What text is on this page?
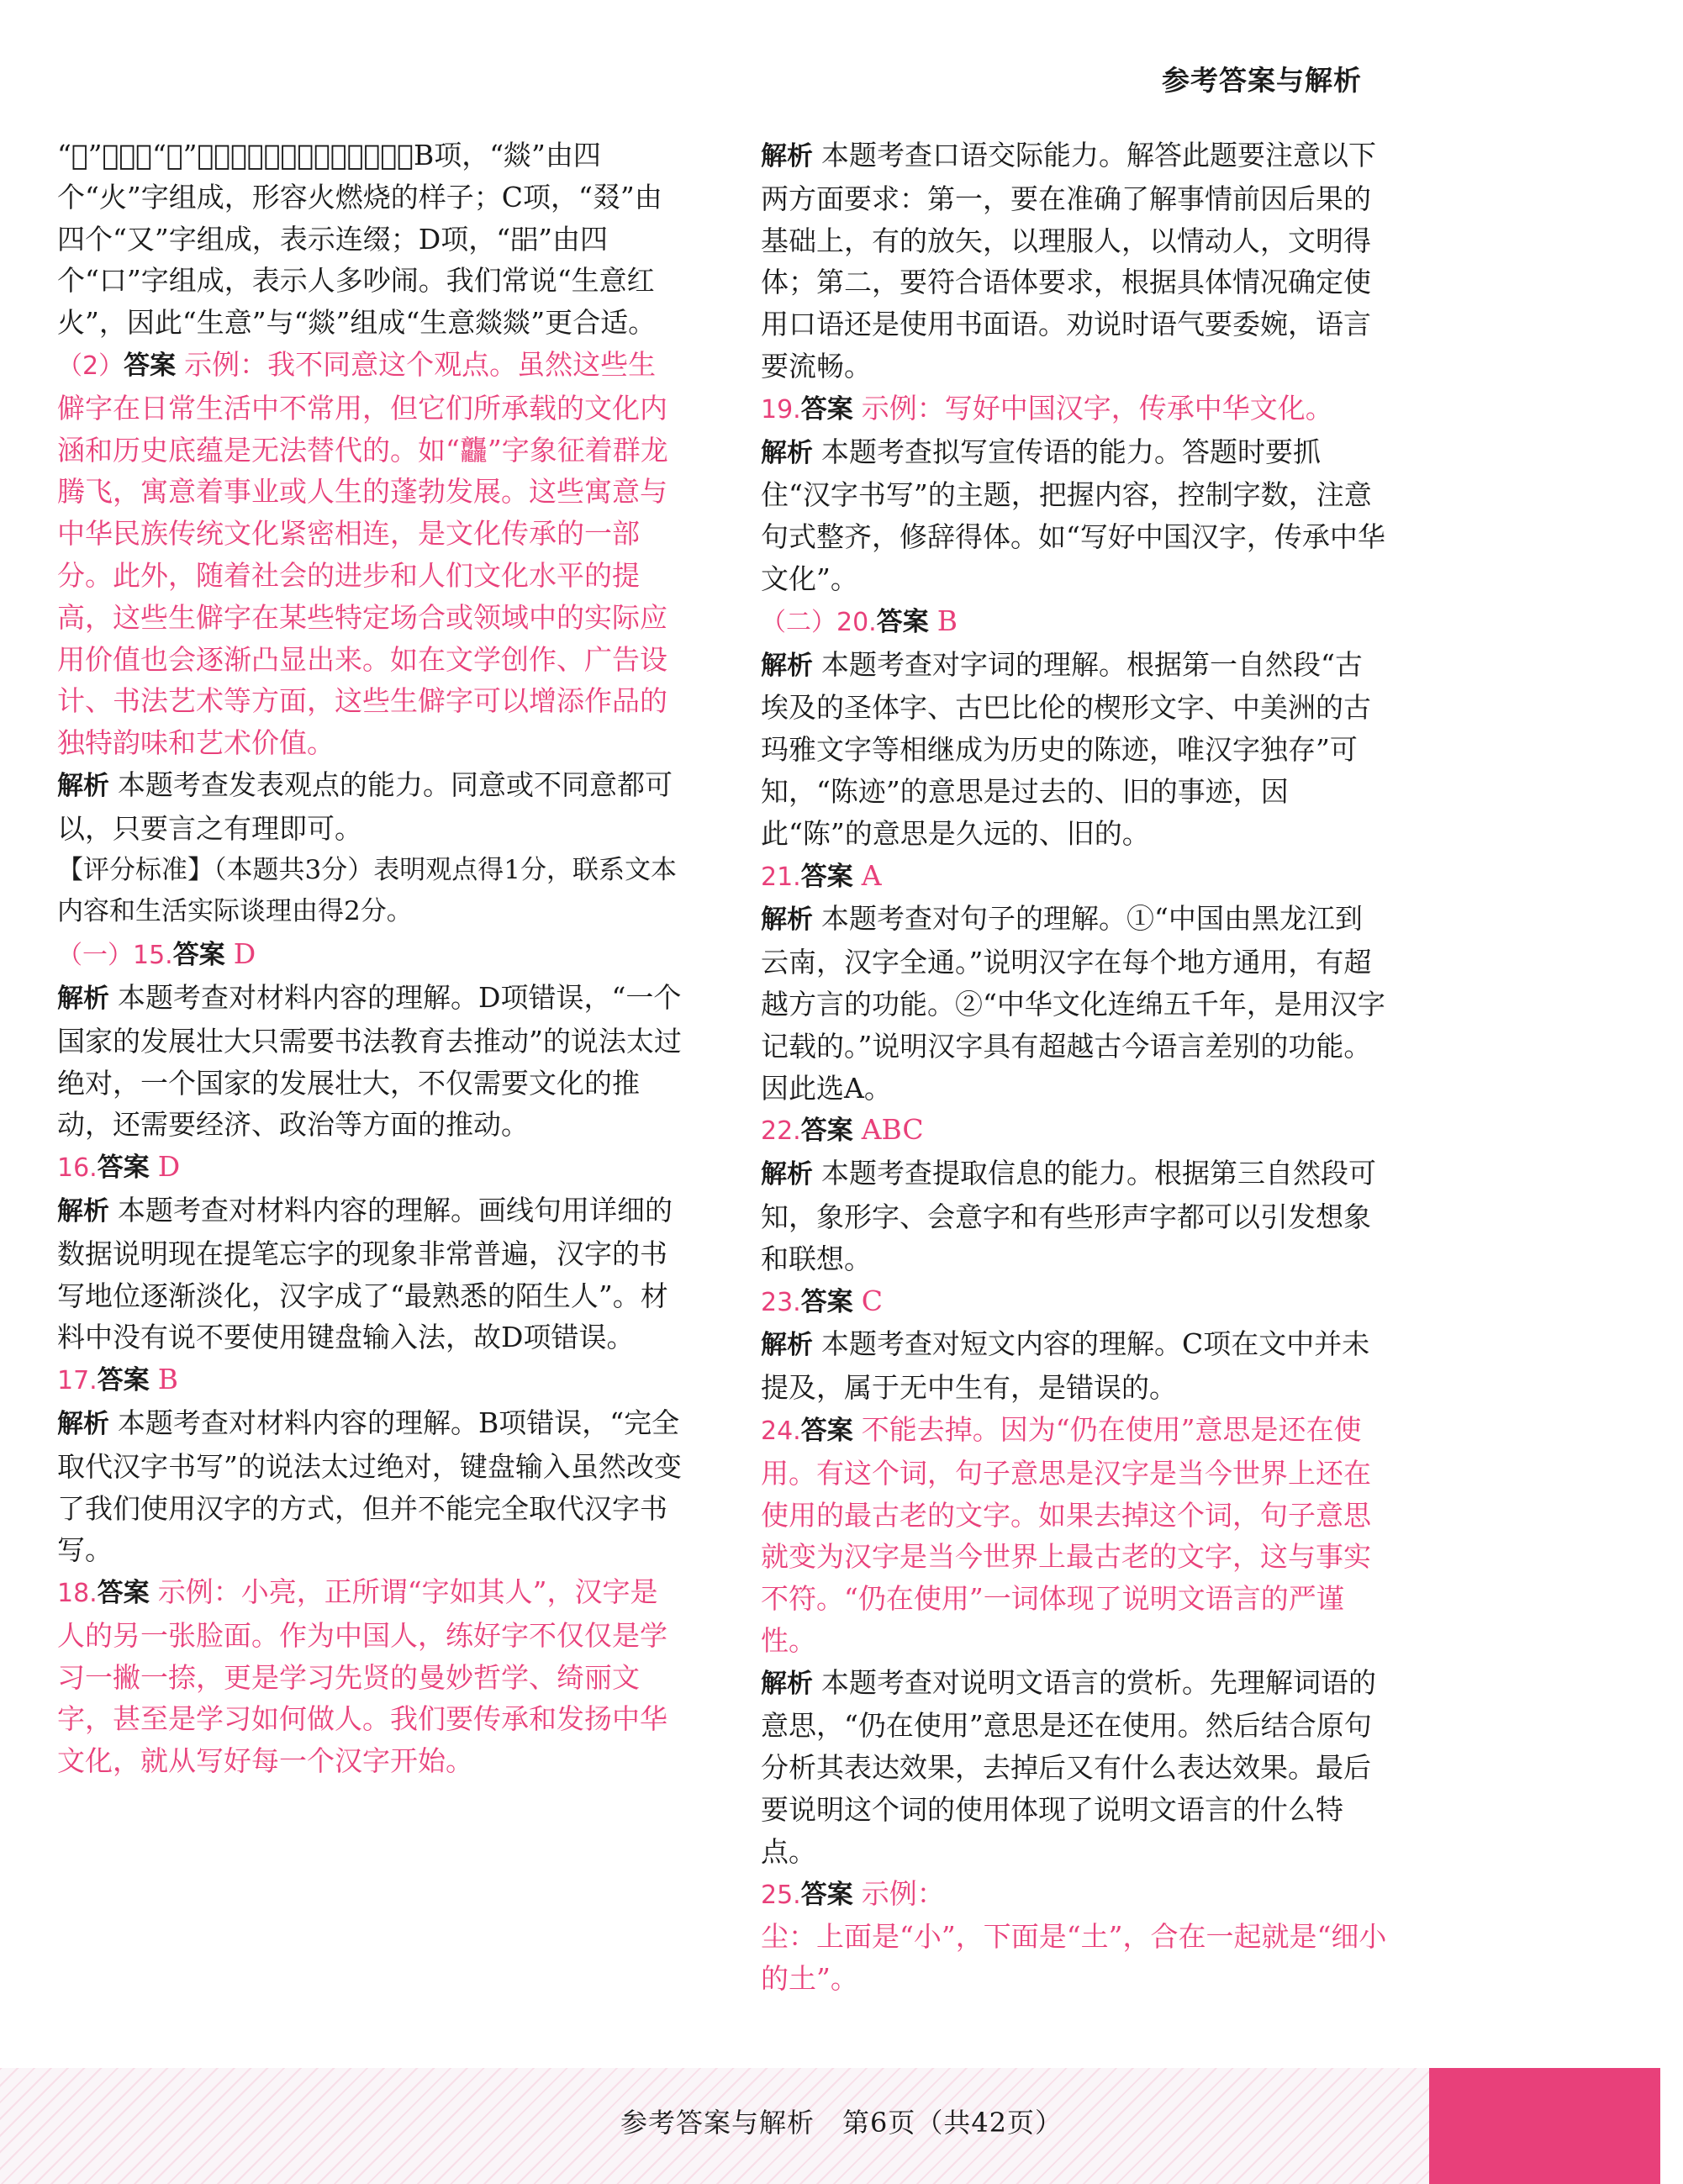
参考答案与解析

“𣺟”由四个“水”字组成，形容水浩大的样子；B项，“燚”由四个“火”字组成，形容火燃烧的样子；C项，“叕”由四个“又”字组成，表示连缀；D项，“㗊”由四个“口”字组成，表示人多吵闹。我们常说“生意红火”，因此“生意”与“燚”组成“生意燚燚”更合适。

（2）答案 示例：我不同意这个观点。虽然这些生僻字在日常生活中不常用，但它们所承载的文化内涵和历史底蕴是无法替代的。如“龘”字象征着群龙腾飞，寓意着事业或人生的蓬勃发展。这些寓意与中华民族传统文化紧密相连，是文化传承的一部分。此外，随着社会的进步和人们文化水平的提高，这些生僻字在某些特定场合或领域中的实际应用价值也会逐渐凸显出来。如在文学创作、广告设计、书法艺术等方面，这些生僻字可以增添作品的独特韵味和艺术价值。

解析 本题考查发表观点的能力。同意或不同意都可以，只要言之有理即可。

【评分标准】（本题共3分）表明观点得1分，联系文本内容和生活实际谈理由得2分。

（一）15.答案 D

解析 本题考查对材料内容的理解。D项错误，“一个国家的发展壮大只需要书法教育去推动”的说法太过绝对，一个国家的发展壮大，不仅需要文化的推动，还需要经济、政治等方面的推动。

16.答案 D

解析 本题考查对材料内容的理解。画线句用详细的数据说明现在提笔忘字的现象非常普遍，汉字的书写地位逐渐淡化，汉字成了“最熟悉的陌生人”。材料中没有说不要使用键盘输入法，故D项错误。

17.答案 B

解析 本题考查对材料内容的理解。B项错误，“完全取代汉字书写”的说法太过绝对，键盘输入虽然改变了我们使用汉字的方式，但并不能完全取代汉字书写。

18.答案 示例：小亮，正所谓“字如其人”，汉字是人的另一张脸面。作为中国人，练好字不仅仅是学习一撇一捺，更是学习先贤的曼妙哲学、绮丽文字，甚至是学习如何做人。我们要传承和发扬中华文化，就从写好每一个汉字开始。

解析 本题考查口语交际能力。解答此题要注意以下两方面要求：第一，要在准确了解事情前因后果的基础上，有的放矢，以理服人，以情动人，文明得体；第二，要符合语体要求，根据具体情况确定使用口语还是使用书面语。劝说时语气要委婉，语言要流畅。

19.答案 示例：写好中国汉字，传承中华文化。

解析 本题考查拟写宣传语的能力。答题时要抓住“汉字书写”的主题，把握内容，控制字数，注意句式整齐，修辞得体。如“写好中国汉字，传承中华文化”。

（二）20.答案 B

解析 本题考查对字词的理解。根据第一自然段“古埃及的圣体字、古巴比伦的楔形文字、中美洲的古玛雅文字等相继成为历史的陈迹，唯汉字独存”可知，“陈迹”的意思是过去的、旧的事迹，因此“陈”的意思是久远的、旧的。

21.答案 A

解析 本题考查对句子的理解。①“中国由黑龙江到云南，汉字全通。”说明汉字在每个地方通用，有超越方言的功能。②“中华文化连绵五千年，是用汉字记载的。”说明汉字具有超越古今语言差别的功能。因此选A。

22.答案 ABC

解析 本题考查提取信息的能力。根据第三自然段可知，象形字、会意字和有些形声字都可以引发想象和联想。

23.答案 C

解析 本题考查对短文内容的理解。C项在文中并未提及，属于无中生有，是错误的。

24.答案 不能去掉。因为“仍在使用”意思是还在使用。有这个词，句子意思是汉字是当今世界上还在使用的最古老的文字。如果去掉这个词，句子意思就变为汉字是当今世界上最古老的文字，这与事实不符。“仍在使用”一词体现了说明文语言的严谨性。

解析 本题考查对说明文语言的赏析。先理解词语的意思，“仍在使用”意思是还在使用。然后结合原句分析其表达效果，去掉后又有什么表达效果。最后要说明这个词的使用体现了说明文语言的什么特点。

25.答案 示例：

尘：上面是“小”，下面是“土”，合在一起就是“细小的土”。

参考答案与解析　第6页（共42页）
